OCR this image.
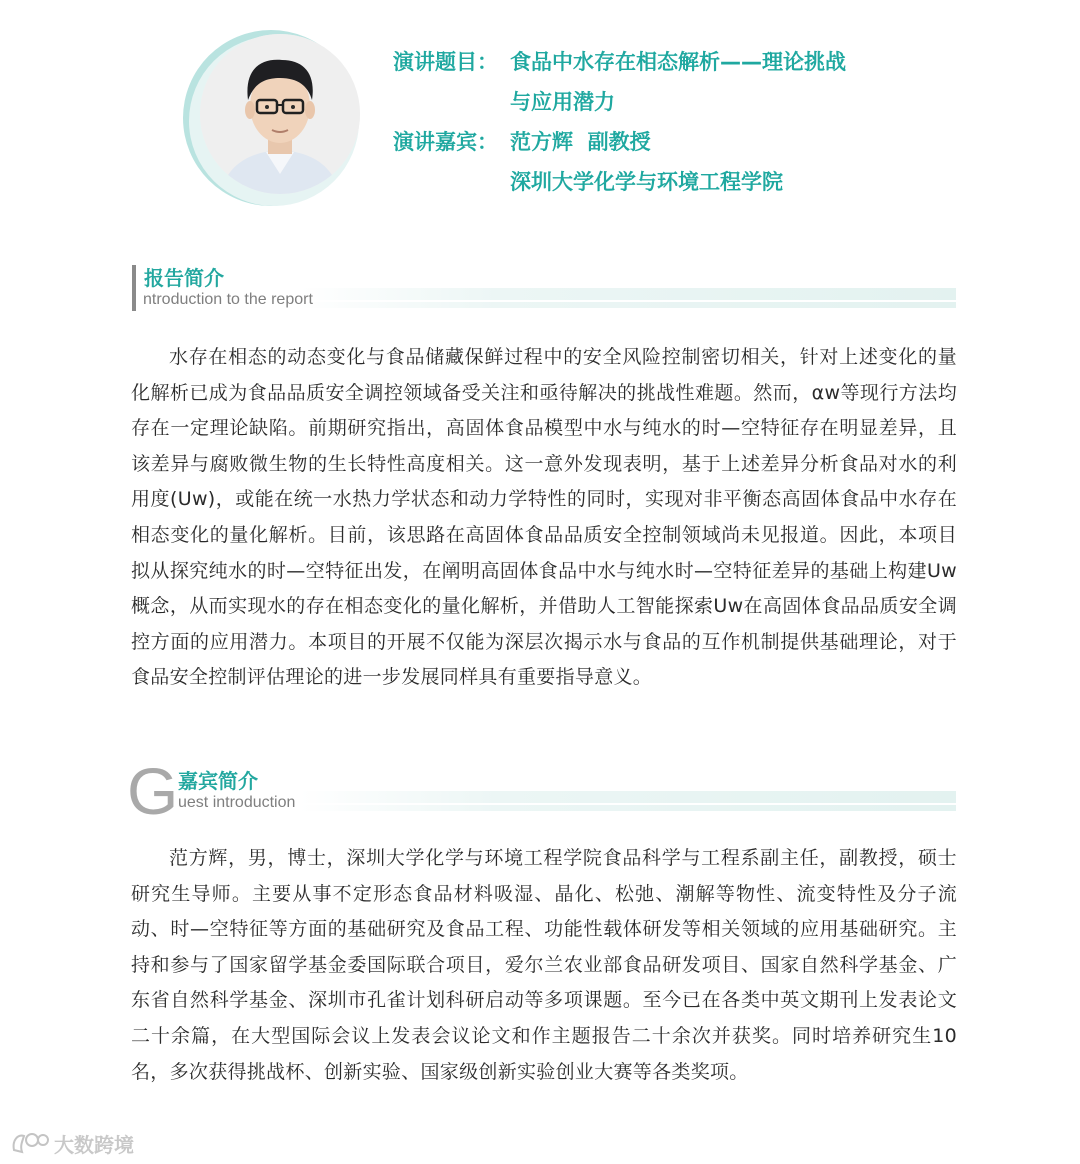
演讲题目： 食品中水存在相态解析——理论挑战
与应用潜力
演讲嘉宾： 范方辉  副教授
深圳大学化学与环境工程学院
报告简介
ntroduction to the report

水存在相态的动态变化与食品储藏保鲜过程中的安全风险控制密切相关，针对上述变化的量化解析已成为食品品质安全调控领域备受关注和亟待解决的挑战性难题。然而，αw等现行方法均存在一定理论缺陷。前期研究指出，高固体食品模型中水与纯水的时—空特征存在明显差异，且该差异与腐败微生物的生长特性高度相关。这一意外发现表明，基于上述差异分析食品对水的利用度(Uw)，或能在统一水热力学状态和动力学特性的同时，实现对非平衡态高固体食品中水存在相态变化的量化解析。目前，该思路在高固体食品品质安全控制领域尚未见报道。因此，本项目拟从探究纯水的时—空特征出发，在阐明高固体食品中水与纯水时—空特征差异的基础上构建Uw概念，从而实现水的存在相态变化的量化解析，并借助人工智能探索Uw在高固体食品品质安全调控方面的应用潜力。本项目的开展不仅能为深层次揭示水与食品的互作机制提供基础理论，对于食品安全控制评估理论的进一步发展同样具有重要指导意义。

G 嘉宾简介
uest introduction

范方辉，男，博士，深圳大学化学与环境工程学院食品科学与工程系副主任，副教授，硕士研究生导师。主要从事不定形态食品材料吸湿、晶化、松弛、潮解等物性、流变特性及分子流动、时—空特征等方面的基础研究及食品工程、功能性载体研发等相关领域的应用基础研究。主持和参与了国家留学基金委国际联合项目，爱尔兰农业部食品研发项目、国家自然科学基金、广东省自然科学基金、深圳市孔雀计划科研启动等多项课题。至今已在各类中英文期刊上发表论文二十余篇，在大型国际会议上发表会议论文和作主题报告二十余次并获奖。同时培养研究生10名，多次获得挑战杯、创新实验、国家级创新实验创业大赛等各类奖项。

大数跨境
